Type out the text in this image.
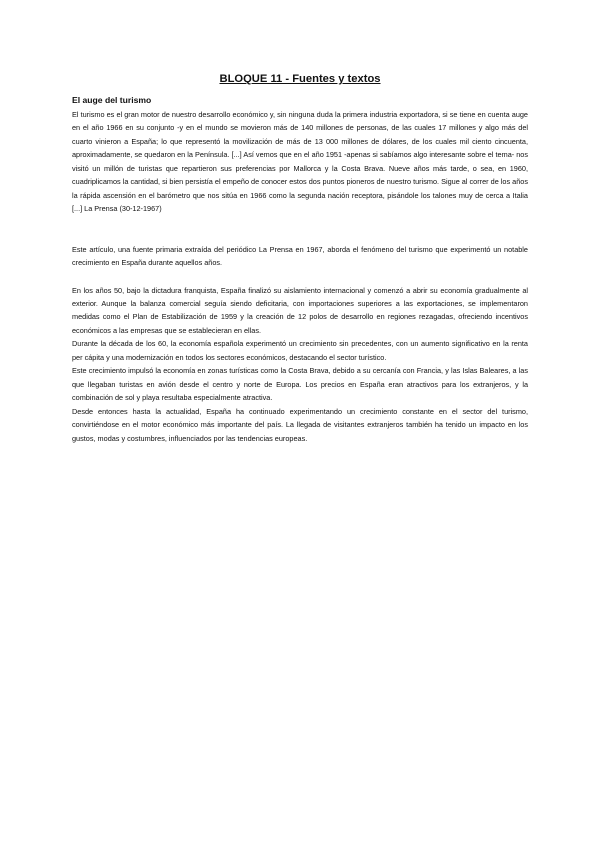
BLOQUE 11 - Fuentes y textos
El auge del turismo

El turismo es el gran motor de nuestro desarrollo económico y, sin ninguna duda la primera industria exportadora, si se tiene en cuenta auge en el año 1966 en su conjunto -y en el mundo se movieron más de 140 millones de personas, de las cuales 17 millones y algo más del cuarto vinieron a España; lo que representó la movilización de más de 13 000 millones de dólares, de los cuales mil ciento cincuenta, aproximadamente, se quedaron en la Península. [...] Así vemos que en el año 1951 -apenas si sabíamos algo interesante sobre el tema- nos visitó un millón de turistas que repartieron sus preferencias por Mallorca y la Costa Brava. Nueve años más tarde, o sea, en 1960, cuadriplicamos la cantidad, si bien persistía el empeño de conocer estos dos puntos pioneros de nuestro turismo. Sigue al correr de los años la rápida ascensión en el barómetro que nos sitúa en 1966 como la segunda nación receptora, pisándole los talones muy de cerca a Italia [...] La Prensa (30-12-1967)

Este artículo, una fuente primaria extraída del periódico La Prensa en 1967, aborda el fenómeno del turismo que experimentó un notable crecimiento en España durante aquellos años.

En los años 50, bajo la dictadura franquista, España finalizó su aislamiento internacional y comenzó a abrir su economía gradualmente al exterior. Aunque la balanza comercial seguía siendo deficitaria, con importaciones superiores a las exportaciones, se implementaron medidas como el Plan de Estabilización de 1959 y la creación de 12 polos de desarrollo en regiones rezagadas, ofreciendo incentivos económicos a las empresas que se establecieran en ellas.

Durante la década de los 60, la economía española experimentó un crecimiento sin precedentes, con un aumento significativo en la renta per cápita y una modernización en todos los sectores económicos, destacando el sector turístico.

Este crecimiento impulsó la economía en zonas turísticas como la Costa Brava, debido a su cercanía con Francia, y las Islas Baleares, a las que llegaban turistas en avión desde el centro y norte de Europa. Los precios en España eran atractivos para los extranjeros, y la combinación de sol y playa resultaba especialmente atractiva.

Desde entonces hasta la actualidad, España ha continuado experimentando un crecimiento constante en el sector del turismo, convirtiéndose en el motor económico más importante del país. La llegada de visitantes extranjeros también ha tenido un impacto en los gustos, modas y costumbres, influenciados por las tendencias europeas.
